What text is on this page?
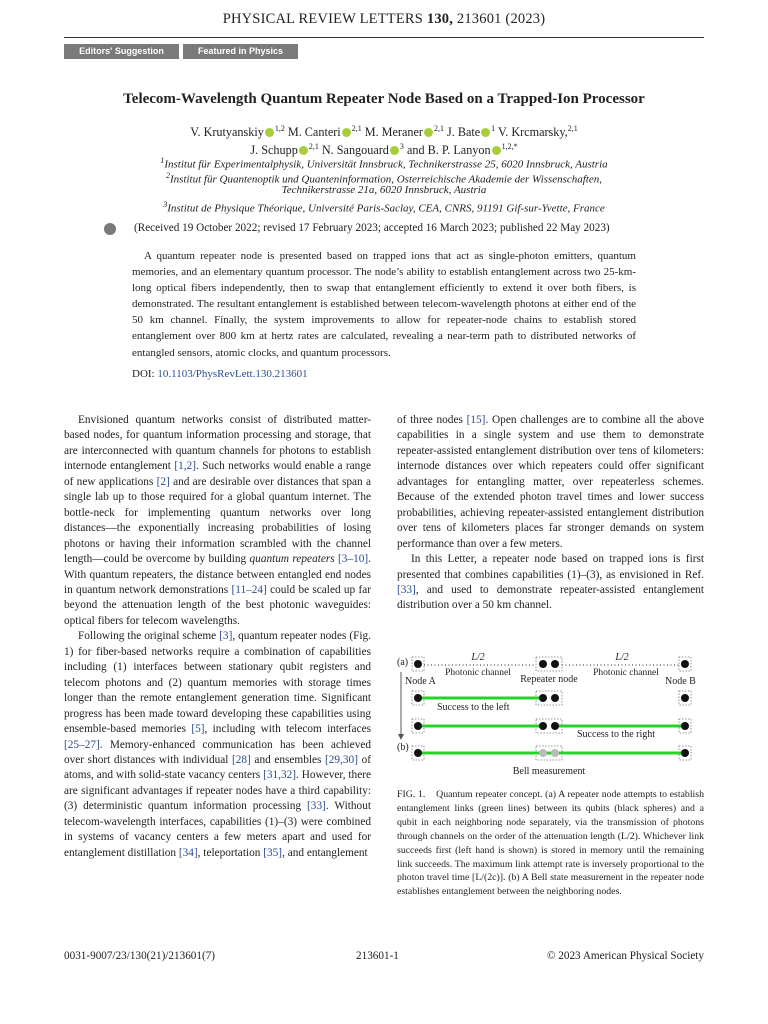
PHYSICAL REVIEW LETTERS 130, 213601 (2023)
Editors' Suggestion	Featured in Physics
Telecom-Wavelength Quantum Repeater Node Based on a Trapped-Ion Processor
V. Krutyanskiy $^{1,2}$ M. Canteri $^{2,1}$ M. Meraner $^{2,1}$ J. Bate $^1$ V. Krcmarsky,$^{2,1}$
J. Schupp $^{2,1}$ N. Sangouard $^3$ and B. P. Lanyon $^{1,2,*}$
$^1$Institut für Experimentalphysik, Universität Innsbruck, Technikerstrasse 25, 6020 Innsbruck, Austria
$^2$Institut für Quantenoptik und Quanteninformation, Osterreichische Akademie der Wissenschaften,
Technikerstrasse 21a, 6020 Innsbruck, Austria
$^3$Institut de Physique Théorique, Université Paris-Saclay, CEA, CNRS, 91191 Gif-sur-Yvette, France
(Received 19 October 2022; revised 17 February 2023; accepted 16 March 2023; published 22 May 2023)
A quantum repeater node is presented based on trapped ions that act as single-photon emitters, quantum memories, and an elementary quantum processor. The node’s ability to establish entanglement across two 25-km-long optical fibers independently, then to swap that entanglement efficiently to extend it over both fibers, is demonstrated. The resultant entanglement is established between telecom-wavelength photons at either end of the 50 km channel. Finally, the system improvements to allow for repeater-node chains to establish stored entanglement over 800 km at hertz rates are calculated, revealing a near-term path to distributed networks of entangled sensors, atomic clocks, and quantum processors.
DOI: 10.1103/PhysRevLett.130.213601

Envisioned quantum networks consist of distributed matter-based nodes, for quantum information processing and storage, that are interconnected with quantum channels for photons to establish internode entanglement [1,2]. Such networks would enable a range of new applications [2] and are desirable over distances that span a single lab up to those required for a global quantum internet. The bottle-neck for implementing quantum networks over long distances—the exponentially increasing probabilities of losing photons or having their information scrambled with the channel length—could be overcome by building quantum repeaters [3–10]. With quantum repeaters, the distance between entangled end nodes in quantum network demonstrations [11–24] could be scaled up far beyond the attenuation length of the best photonic waveguides: optical fibers for telecom wavelengths.

Following the original scheme [3], quantum repeater nodes (Fig. 1) for fiber-based networks require a combination of capabilities including (1) interfaces between stationary qubit registers and telecom photons and (2) quantum memories with storage times longer than the remote entanglement generation time. Significant progress has been made toward developing these capabilities using ensemble-based memories [5], including with telecom interfaces [25–27]. Memory-enhanced communication has been achieved over short distances with individual [28] and ensembles [29,30] of atoms, and with solid-state vacancy centers [31,32]. However, there are significant advantages if repeater nodes have a third capability: (3) deterministic quantum information processing [33]. Without telecom-wavelength interfaces, capabilities (1)–(3) were combined in systems of vacancy centers a few meters apart and used for entanglement distillation [34], teleportation [35], and entanglement

of three nodes [15]. Open challenges are to combine all the above capabilities in a single system and use them to demonstrate repeater-assisted entanglement distribution over tens of kilometers: internode distances over which repeaters could offer significant advantages for entangling matter, over repeaterless schemes. Because of the extended photon travel times and lower success probabilities, achieving repeater-assisted entanglement distribution over tens of kilometers places far stronger demands on system performance than over a few meters.

In this Letter, a repeater node based on trapped ions is first presented that combines capabilities (1)–(3), as envisioned in Ref. [33], and used to demonstrate repeater-assisted entanglement distribution over a 50 km channel.

(a)
(b)
L/2	L/2
Photonic channel	Photonic channel
Node A	Repeater node	Node B
Success to the left
Success to the right
Bell measurement
FIG. 1. Quantum repeater concept. (a) A repeater node attempts to establish entanglement links (green lines) between its qubits (black spheres) and a qubit in each neighboring node separately, via the transmission of photons through channels on the order of the attenuation length (L/2). Whichever link succeeds first (left hand is shown) is stored in memory until the remaining link succeeds. The maximum link attempt rate is inversely proportional to the photon travel time [L/(2c)]. (b) A Bell state measurement in the repeater node establishes entanglement between the neighboring nodes.
0031-9007/23/130(21)/213601(7)	213601-1	© 2023 American Physical Society
